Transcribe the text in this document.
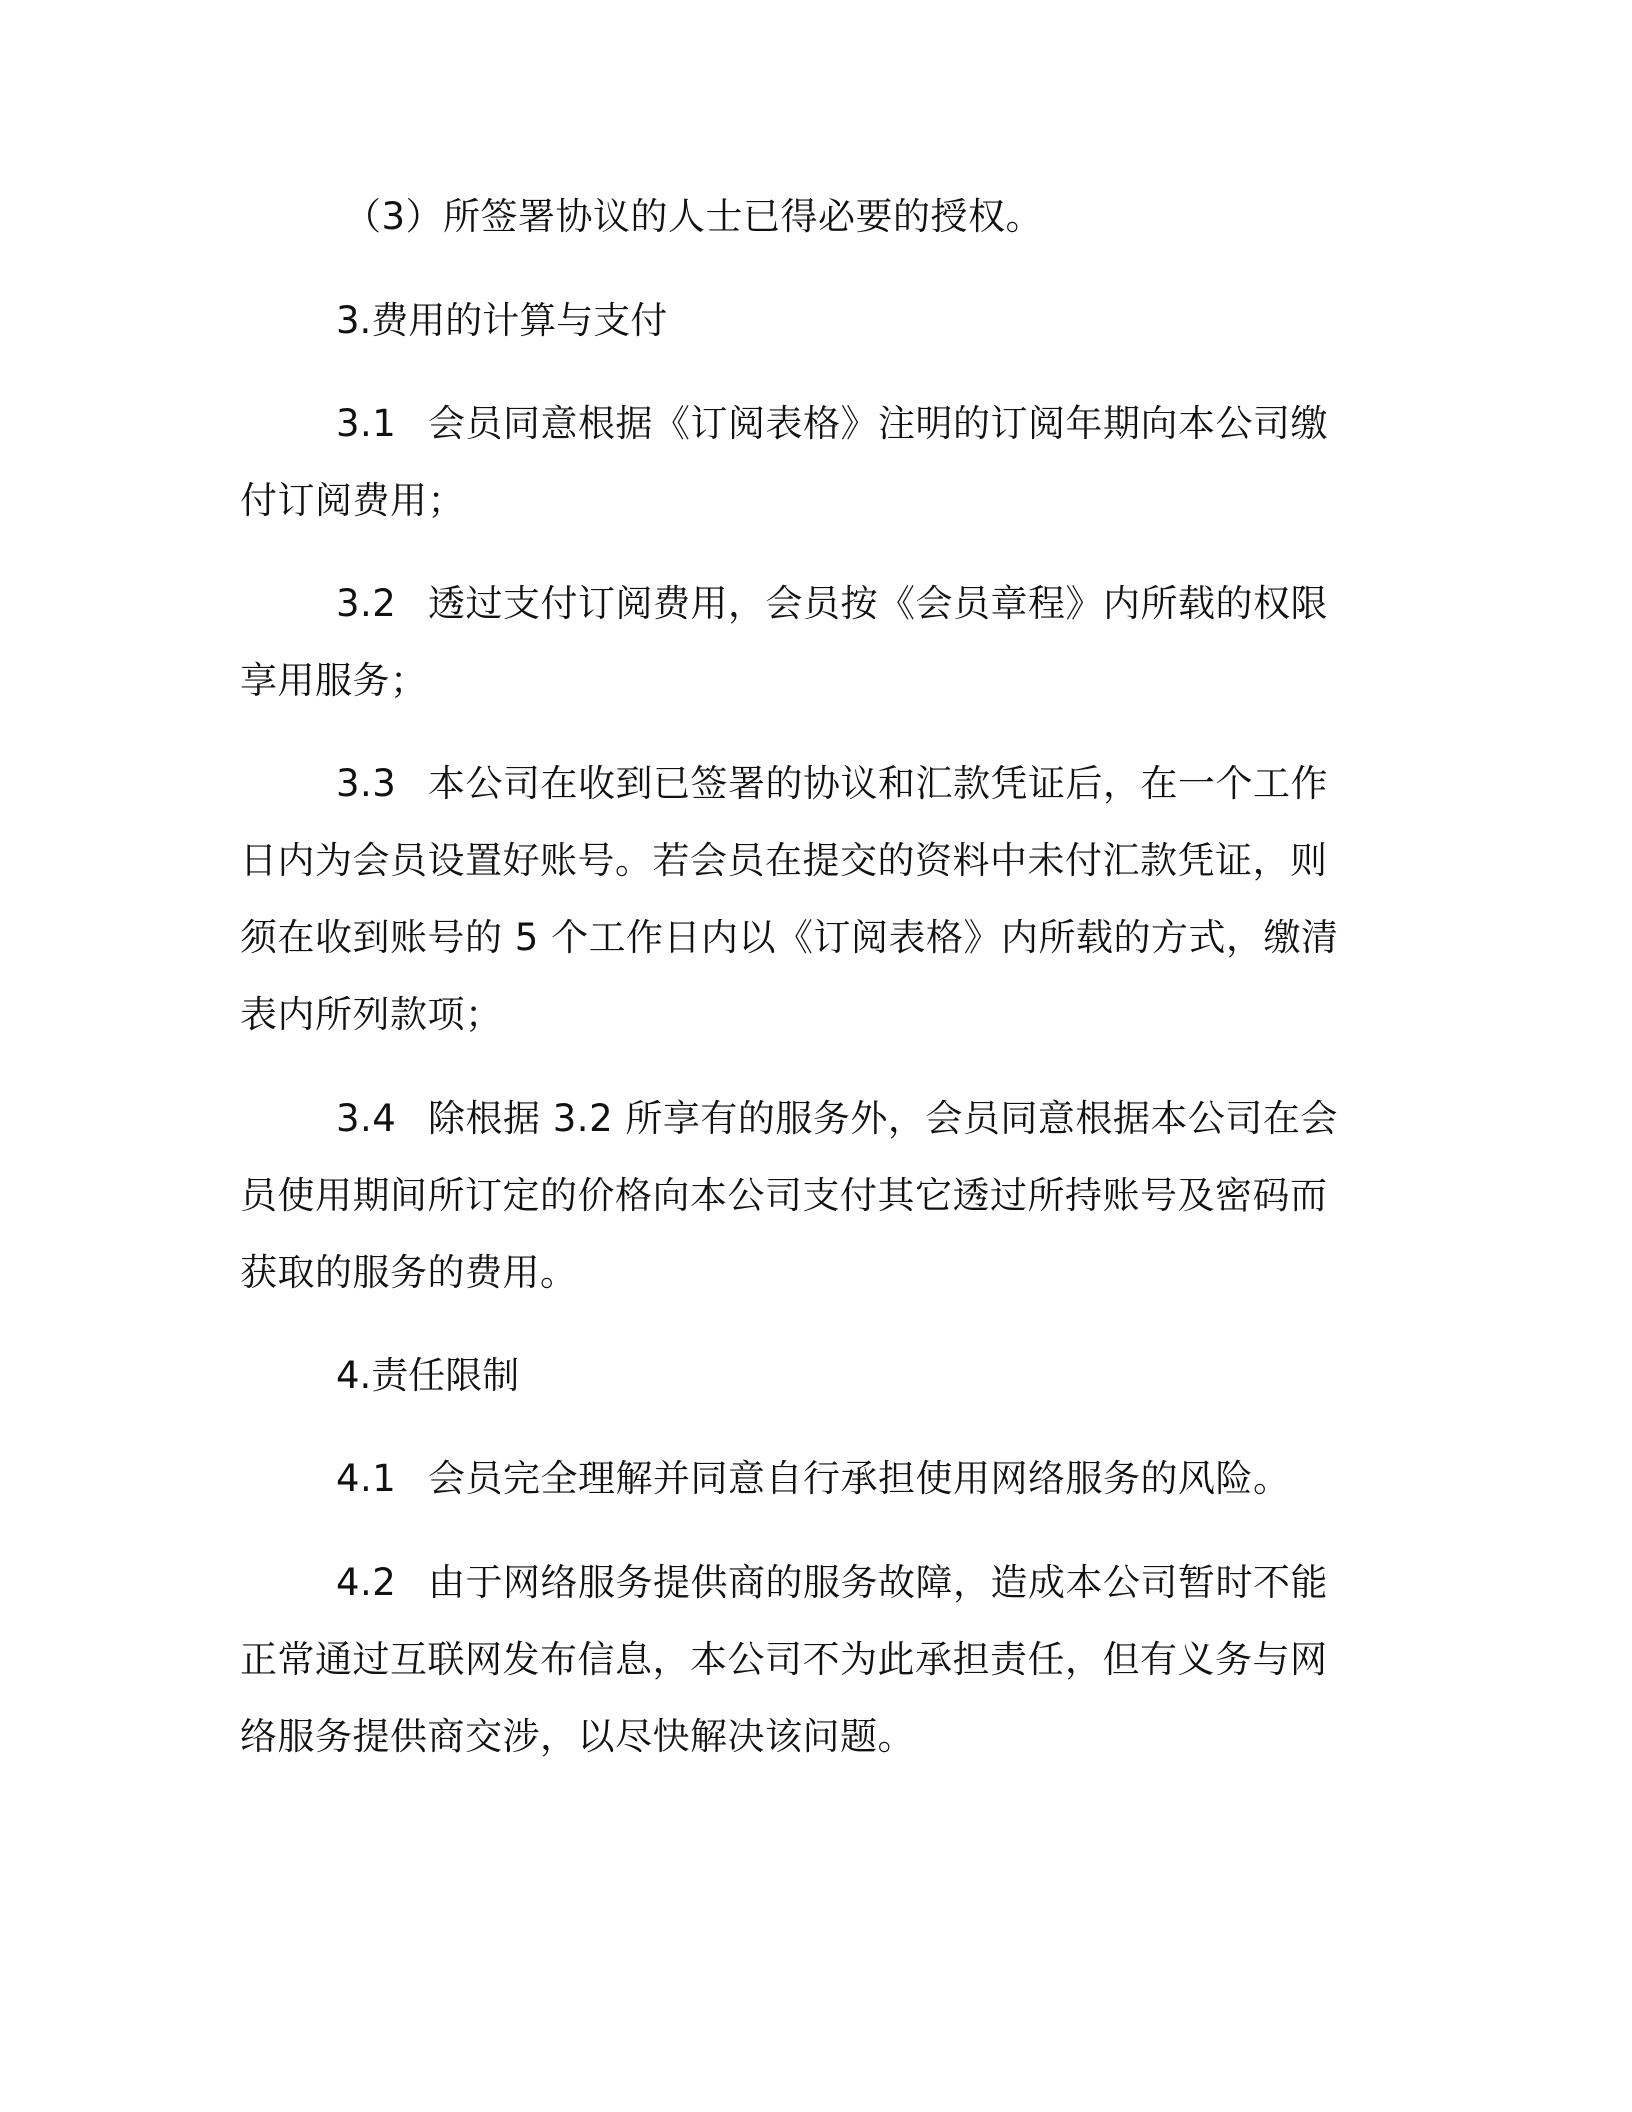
（3）所签署协议的人士已得必要的授权。

3.费用的计算与支付

3.1 会员同意根据《订阅表格》注明的订阅年期向本公司缴付订阅费用；

3.2 透过支付订阅费用，会员按《会员章程》内所载的权限享用服务；

3.3 本公司在收到已签署的协议和汇款凭证后，在一个工作日内为会员设置好账号。若会员在提交的资料中未付汇款凭证，则须在收到账号的 5 个工作日内以《订阅表格》内所载的方式，缴清表内所列款项；

3.4 除根据 3.2 所享有的服务外，会员同意根据本公司在会员使用期间所订定的价格向本公司支付其它透过所持账号及密码而获取的服务的费用。

4.责任限制

4.1 会员完全理解并同意自行承担使用网络服务的风险。

4.2 由于网络服务提供商的服务故障，造成本公司暂时不能正常通过互联网发布信息，本公司不为此承担责任，但有义务与网络服务提供商交涉，以尽快解决该问题。
